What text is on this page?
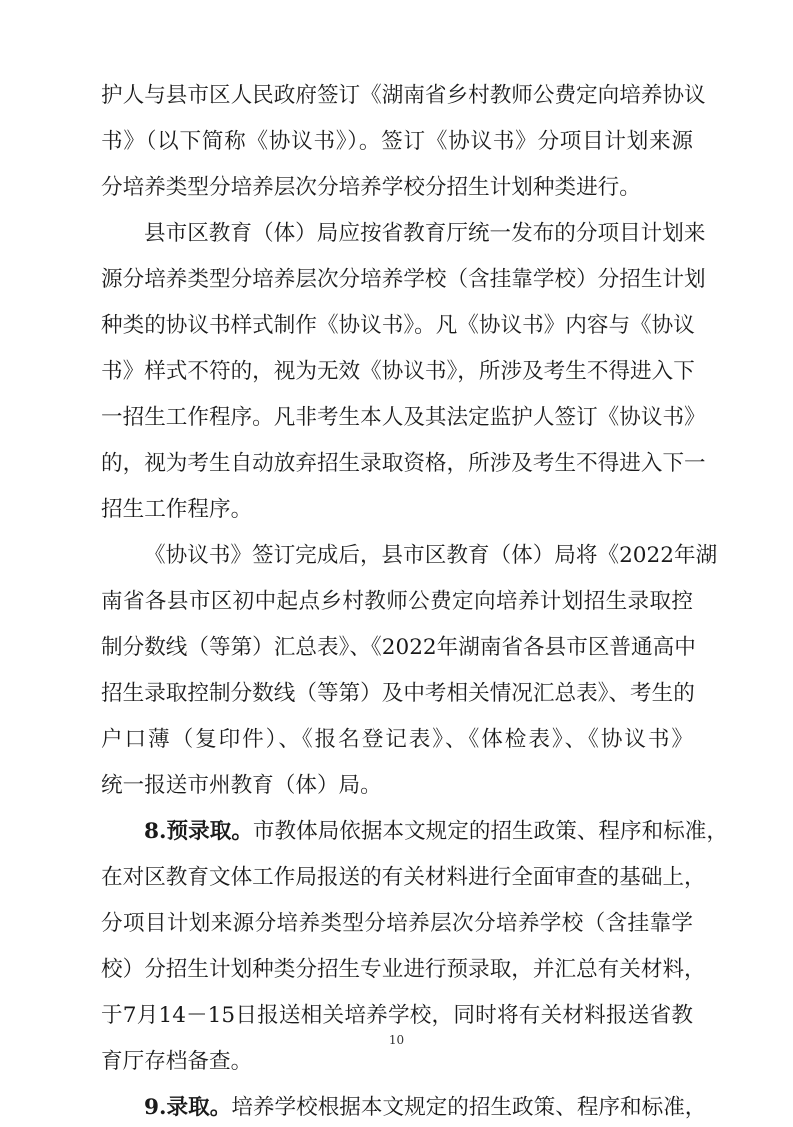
护人与县市区人民政府签订《湖南省乡村教师公费定向培养协议
书》（以下简称《协议书》）。签订《协议书》分项目计划来源
分培养类型分培养层次分培养学校分招生计划种类进行。
县市区教育（体）局应按省教育厅统一发布的分项目计划来
源分培养类型分培养层次分培养学校（含挂靠学校）分招生计划
种类的协议书样式制作《协议书》。凡《协议书》内容与《协议
书》样式不符的，视为无效《协议书》，所涉及考生不得进入下
一招生工作程序。凡非考生本人及其法定监护人签订《协议书》
的，视为考生自动放弃招生录取资格，所涉及考生不得进入下一
招生工作程序。
《协议书》签订完成后，县市区教育（体）局将《2022年湖
南省各县市区初中起点乡村教师公费定向培养计划招生录取控
制分数线（等第）汇总表》、《2022年湖南省各县市区普通高中
招生录取控制分数线（等第）及中考相关情况汇总表》、考生的
户口薄（复印件）、《报名登记表》、《体检表》、《协议书》
统一报送市州教育（体）局。
8.预录取。市教体局依据本文规定的招生政策、程序和标准，
在对区教育文体工作局报送的有关材料进行全面审查的基础上，
分项目计划来源分培养类型分培养层次分培养学校（含挂靠学
校）分招生计划种类分招生专业进行预录取，并汇总有关材料，
于7月14－15日报送相关培养学校，同时将有关材料报送省教
育厅存档备查。
9.录取。培养学校根据本文规定的招生政策、程序和标准，
10
